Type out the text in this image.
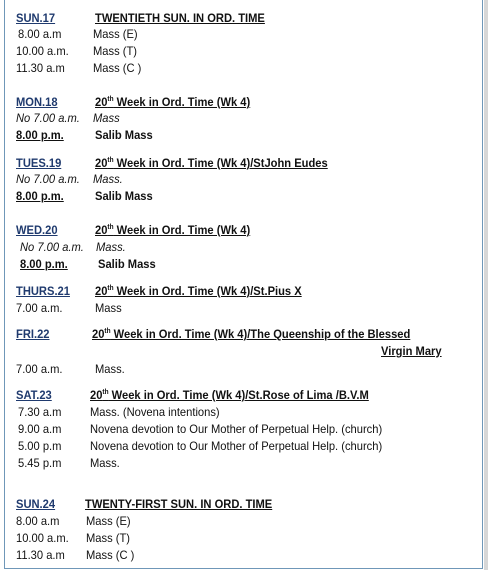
SUN.17	TWENTIETH SUN. IN ORD. TIME
8.00 a.m	Mass (E)
10.00 a.m. Mass (T)
11.30 a.m Mass (C )
MON.18	20th Week in Ord. Time (Wk 4)
No 7.00 a.m. Mass
8.00 p.m.	Salib Mass
TUES.19	20th Week in Ord. Time (Wk 4)/StJohn Eudes
No 7.00 a.m. Mass.
8.00 p.m.	Salib Mass
WED.20	20th Week in Ord. Time (Wk 4)
No 7.00 a.m. Mass.
8.00 p.m.	Salib Mass
THURS.21 20th Week in Ord. Time (Wk 4)/St.Pius X
7.00 a.m.	Mass
FRI.22	20th Week in Ord. Time (Wk 4)/The Queenship of the Blessed
Virgin Mary
7.00 a.m.	Mass.
SAT.23	20th Week in Ord. Time (Wk 4)/St.Rose of Lima /B.V.M
7.30 a.m Mass. (Novena intentions)
9.00 a.m Novena devotion to Our Mother of Perpetual Help. (church)
5.00 p.m Novena devotion to Our Mother of Perpetual Help. (church)
5.45 p.m Mass.
SUN.24 TWENTY-FIRST SUN. IN ORD. TIME
8.00 a.m Mass (E)
10.00 a.m. Mass (T)
11.30 a.m Mass (C )
